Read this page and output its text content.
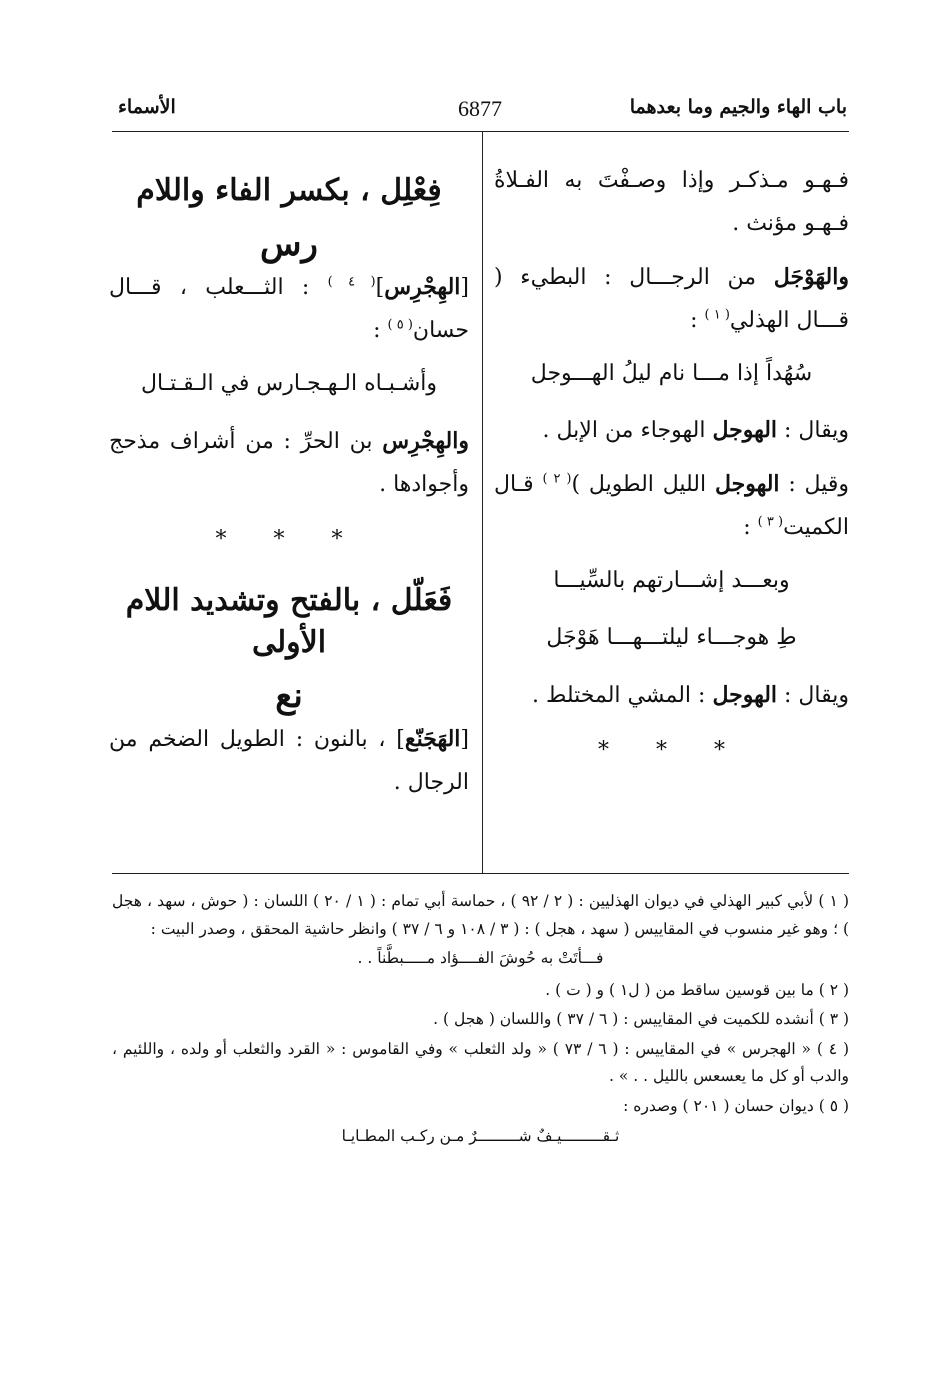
باب الهاء والجيم وما بعدهما
6877
الأسماء

فـهـو مـذكـر وإذا وصـفْتَ به الفـلاةُ فـهـو مؤنث .

والهَوْجَل من الرجـــال : البطيء ( قـــال الهذلي$^{( ١ )}$ :

سُهُداً إذا مـــا نام ليلُ الهـــوجل

ويقال : الهوجل الهوجاء من الإبل .

وقيل : الهوجل الليل الطويل )$^{( ٢ )}$ قـال الكميت$^{( ٣ )}$ :

وبعـــد إشـــارتهم بالسِّيـــا
طِ هوجـــاء ليلتـــهـــا هَوْجَل

ويقال : الهوجل : المشي المختلط .

* * *
فِعْلِل ، بكسر الفاء واللام
رس

[الهِجْرِس]$^{( ٤ )}$ : الثـــعلب ، قـــال حسان$^{( ٥ )}$ :

وأشـبـاه الـهـجـارس في الـقـتـال

والهِجْرِس بن الحرِّ : من أشراف مذحج وأجوادها .

* * *
فَعَلّل ، بالفتح وتشديد اللام الأولى
نع

[الهَجَنّع] ، بالنون : الطويل الضخم من الرجال .

( ١ ) لأبي كبير الهذلي في ديوان الهذليين : ( ٢ / ٩٢ ) ، حماسة أبي تمام : ( ١ / ٢٠ ) اللسان : ( حوش ، سهد ، هجل ) ؛ وهو غير منسوب في المقاييس ( سهد ، هجل ) : ( ٣ / ١٠٨ و ٦ / ٣٧ ) وانظر حاشية المحقق ، وصدر البيت :
فـــأتَتْ به حُوشَ الفــــؤاد مـــــبطَّناً . .
( ٢ ) ما بين قوسين ساقط من ( ل١ ) و ( ت ) .
( ٣ ) أنشده للكميت في المقاييس : ( ٦ / ٣٧ ) واللسان ( هجل ) .
( ٤ ) « الهجرس » في المقاييس : ( ٦ / ٧٣ ) « ولد الثعلب » وفي القاموس : « القرد والثعلب أو ولده ، واللئيم ، والدب أو كل ما يعسعس بالليل . . » .
( ٥ ) ديوان حسان ( ٢٠١ ) وصدره :
ثـقـــــــــيـفٌ شـــــــــرٌ مـن ركـب المطـايـا
